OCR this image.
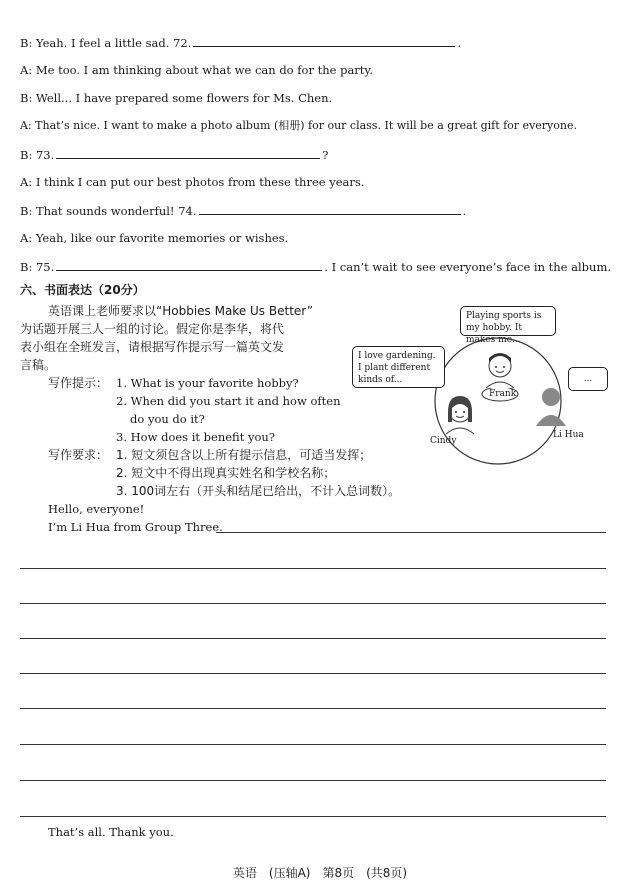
B: Yeah. I feel a little sad. 72.	.
A: Me too. I am thinking about what we can do for the party.
B: Well... I have prepared some flowers for Ms. Chen.
A: That’s nice. I want to make a photo album (相册) for our class. It will be a great gift for everyone.
B: 73.	?
A: I think I can put our best photos from these three years.
B: That sounds wonderful! 74.	.
A: Yeah, like our favorite memories or wishes.
B: 75.	. I can’t wait to see everyone’s face in the album.
六、书面表达（20分）
英语课上老师要求以“Hobbies Make Us Better”
为话题开展三人一组的讨论。假定你是李华，将代
表小组在全班发言，请根据写作提示写一篇英文发
言稿。
写作提示： 1. What is your favorite hobby?
2. When did you start it and how often
do you do it?
3. How does it benefit you?
写作要求： 1. 短文须包含以上所有提示信息，可适当发挥；
2. 短文中不得出现真实姓名和学校名称；
3. 100词左右（开头和结尾已给出，不计入总词数）。
Hello, everyone!
I’m Li Hua from Group Three.
That’s all. Thank you.
Playing sports is my hobby. It makes me...
I love gardening. I plant different kinds of...	...
Frank
Cindy
Li Hua
英语　(压轴A)　第8页　(共8页)
